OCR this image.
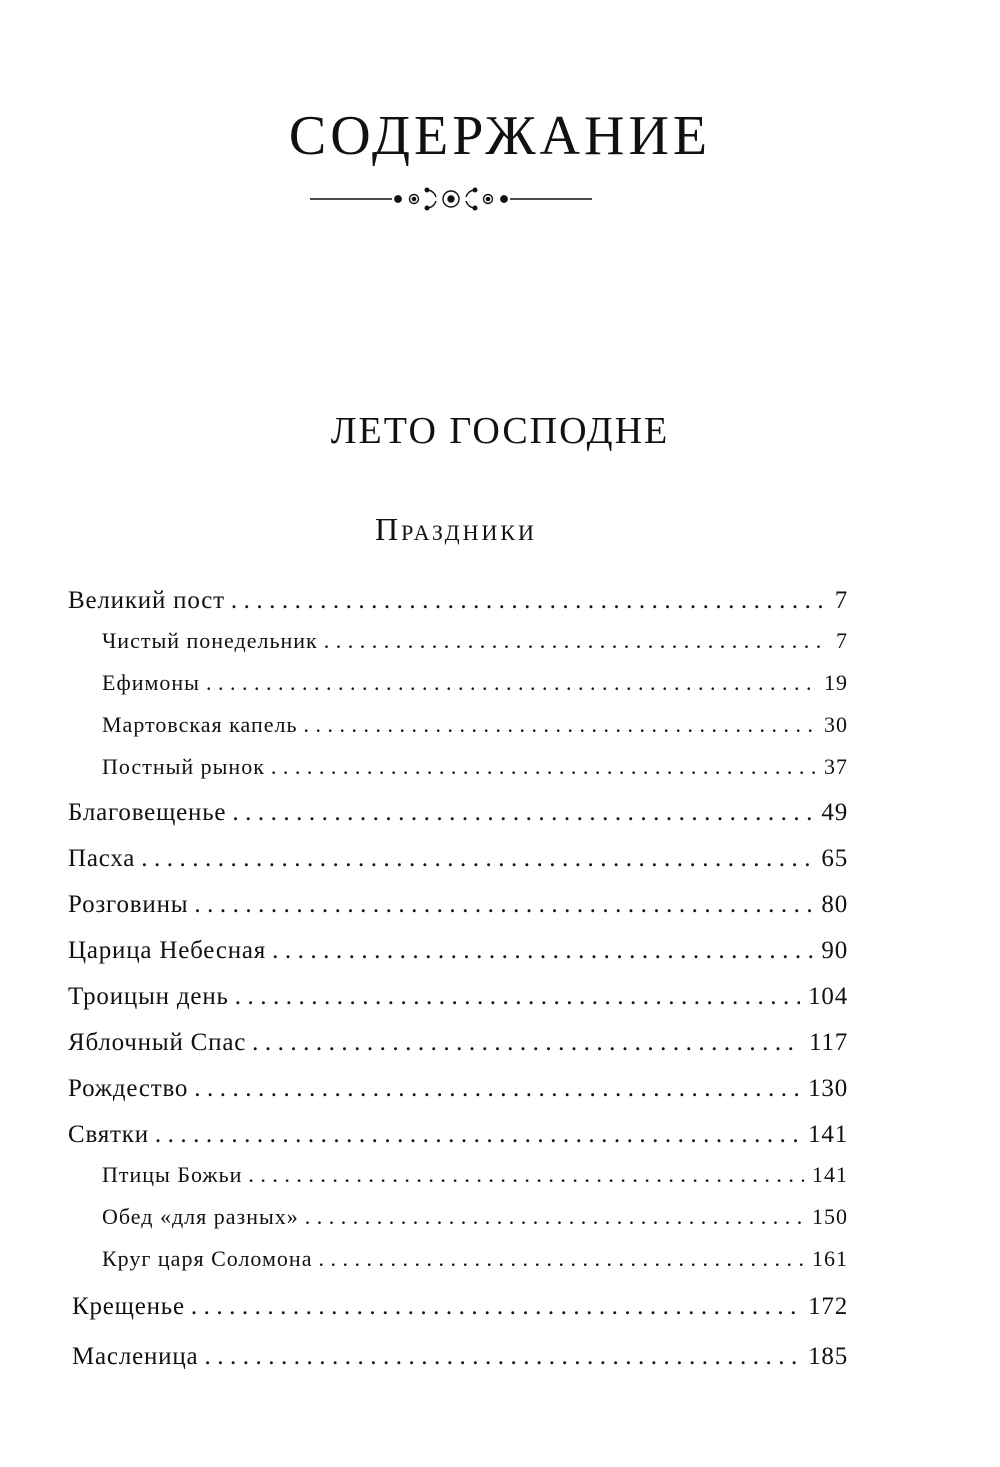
СОДЕРЖАНИЕ
ЛЕТО ГОСПОДНЕ
Праздники
Великий пост .....	7
Чистый понедельник .....	7
Ефимоны .....	19
Мартовская капель .....	30
Постный рынок .....	37
Благовещенье .....	49
Пасха .....	65
Розговины .....	80
Царица Небесная .....	90
Троицын день .....	104
Яблочный Спас .....	117
Рождество .....	130
Святки .....	141
Птицы Божьи .....	141
Обед «для разных» .....	150
Круг царя Соломона .....	161
Крещенье .....	172
Масленица .....	185
